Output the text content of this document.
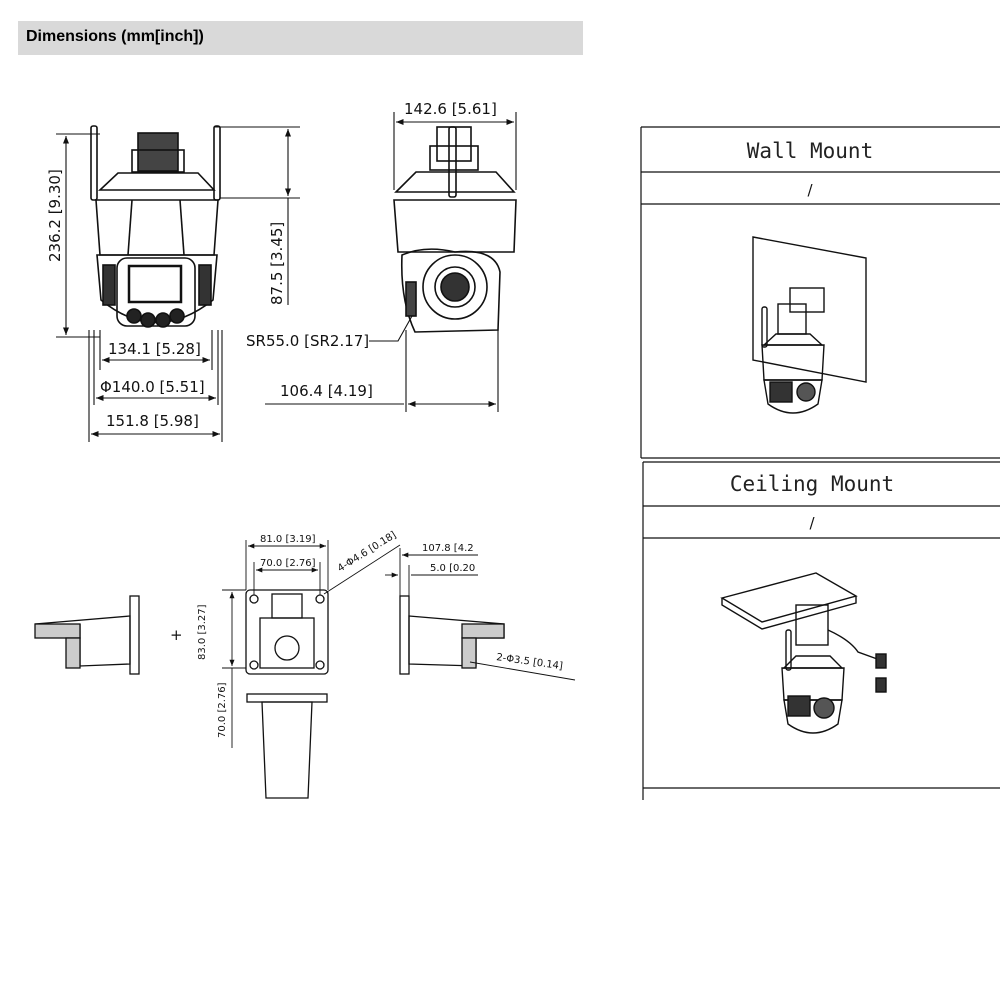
Dimensions (mm[inch])
236.2 [9.30]
87.5 [3.45]
134.1 [5.28]
Φ140.0 [5.51]
151.8 [5.98]
142.6 [5.61]
SR55.0 [SR2.17]
106.4 [4.19]
+
81.0 [3.19]
70.0 [2.76] 4-Φ4.6 [0.18]
83.0 [3.27]
70.0 [2.76]
107.8 [4.2
5.0 [0.20
2-Φ3.5 [0.14]
Wall Mount
/
Ceiling Mount
/
